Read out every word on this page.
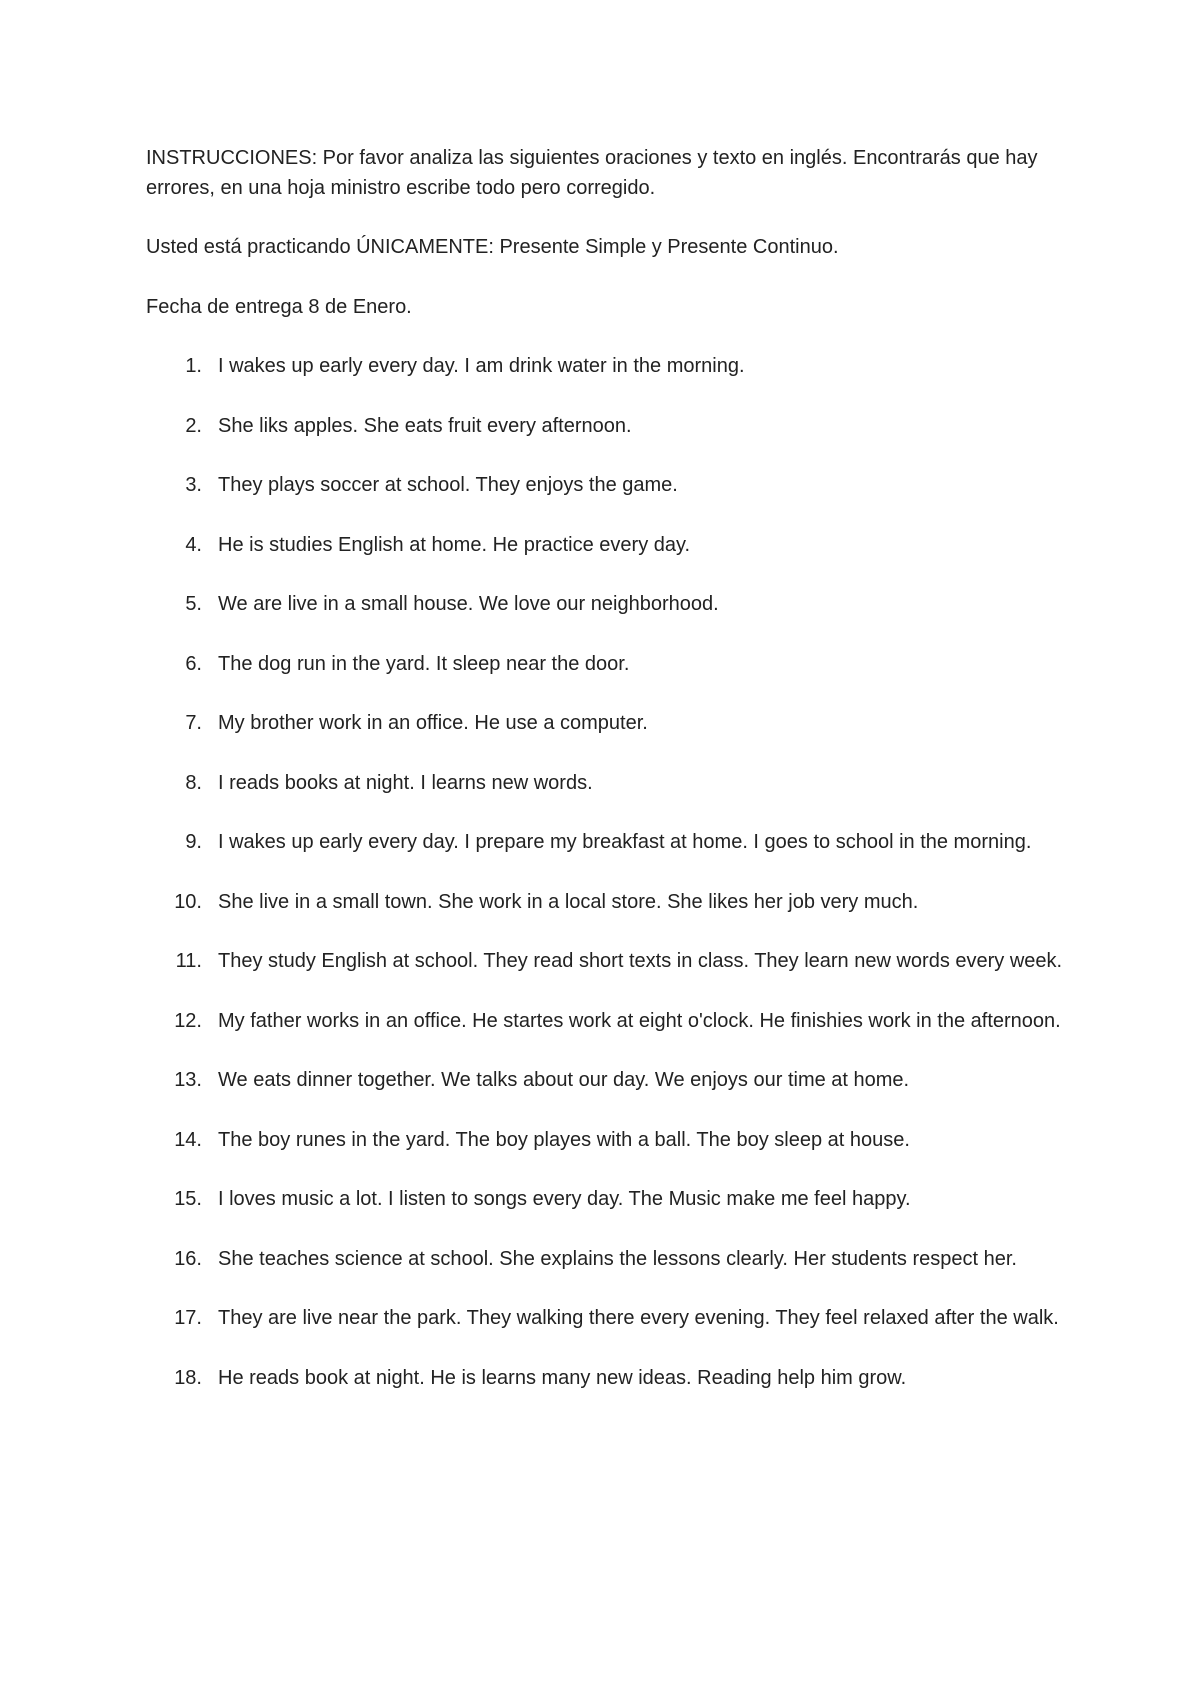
INSTRUCCIONES: Por favor analiza las siguientes oraciones y texto en inglés. Encontrarás que hay errores, en una hoja ministro escribe todo pero corregido.

Usted está practicando ÚNICAMENTE: Presente Simple y Presente Continuo.

Fecha de entrega 8 de Enero.

1. I wakes up early every day. I am drink water in the morning.
2. She liks apples. She eats fruit every afternoon.
3. They plays soccer at school. They enjoys the game.
4. He is studies English at home. He practice every day.
5. We are live in a small house. We love our neighborhood.
6. The dog run in the yard. It sleep near the door.
7. My brother work in an office. He use a computer.
8. I reads books at night. I learns new words.
9. I wakes up early every day. I prepare my breakfast at home. I goes to school in the morning.
10. She live in a small town. She work in a local store. She likes her job very much.
11. They study English at school. They read short texts in class. They learn new words every week.
12. My father works in an office. He startes work at eight o'clock. He finishies work in the afternoon.
13. We eats dinner together. We talks about our day. We enjoys our time at home.
14. The boy runes in the yard. The boy playes with a ball. The boy sleep at house.
15. I loves music a lot. I listen to songs every day. The Music make me feel happy.
16. She teaches science at school. She explains the lessons clearly. Her students respect her.
17. They are live near the park. They walking there every evening. They feel relaxed after the walk.
18. He reads book at night. He is learns many new ideas. Reading help him grow.
